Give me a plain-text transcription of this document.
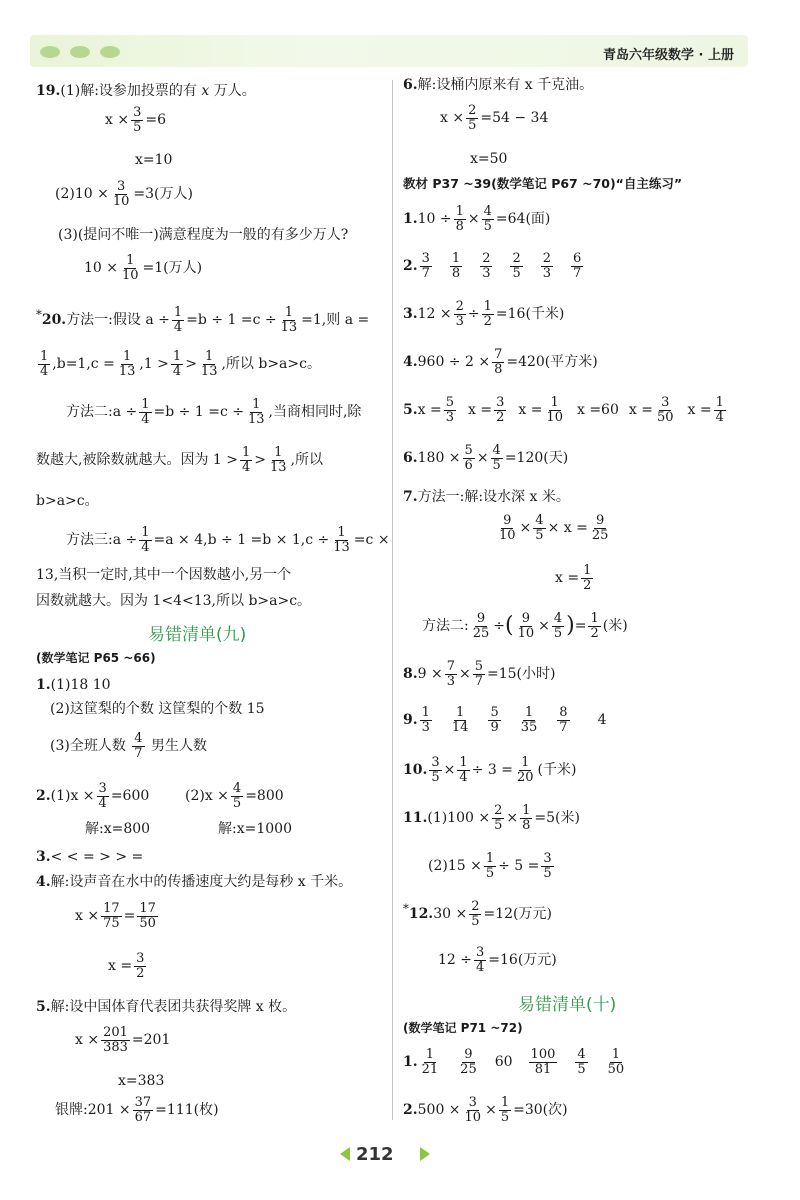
青岛六年级数学 · 上册
19.(1)解:设参加投票的有 x 万人。
$x \times \frac{3}{5} =6$
x=10
$(2)10 \times \frac{3}{10} =3$(万人)
(3)(提问不唯一)满意程度为一般的有多少万人?
$10 \times \frac{1}{10} =1$(万人)
*20.方法一:假设 $a \div \frac{1}{4} =b \div 1 =c \div \frac{1}{13} =1$,则 a =
$\frac{1}{4} ,b=1,c = \frac{1}{13} ,1 > \frac{1}{4} > \frac{1}{13}$ ,所以 b>a>c。
方法二:a ÷ $\frac{1}{4} =b \div 1 =c \div \frac{1}{13}$ ,当商相同时,除
数越大,被除数就越大。因为 $1 > \frac{1}{4} > \frac{1}{13}$ ,所以
b>a>c。
方法三:a ÷ $\frac{1}{4} =a \times 4,b \div 1 =b \times 1,c \div \frac{1}{13} =c$ ×
13,当积一定时,其中一个因数越小,另一个
因数就越大。因为 1<4<13,所以 b>a>c。
易错清单(九)
(数学笔记 P65 ~66)
1.(1)18 10
(2)这筐梨的个数 这筐梨的个数 15
(3)全班人数 $\frac{4}{7}$ 男生人数
$2.(1)x \times \frac{3}{4} =600$	$(2)x \times \frac{4}{5} =800$
解:x=800	解:x=1000
3.< < = > > =
4.解:设声音在水中的传播速度大约是每秒 x 千米。
$x \times \frac{17}{75} = \frac{17}{50}$
$x = \frac{3}{2}$
5.解:设中国体育代表团共获得奖牌 x 枚。
$x \times \frac{201}{383} =201$
x=383
银牌:201 × $\frac{37}{67} =111$(枚)
6.解:设桶内原来有 x 千克油。
$x \times \frac{2}{5} =54 - 34$
x=50
教材 P37 ~39(数学笔记 P67 ~70)“自主练习”
$1.10 \div \frac{1}{8} \times \frac{4}{5} =64$(面)
2. $\frac{3}{7} \frac{1}{8} \frac{2}{3} \frac{2}{5} \frac{2}{3} \frac{6}{7}$
$3.12 \times \frac{2}{3} \div \frac{1}{2} =16$(千米)
$4.960 \div 2 \times \frac{7}{8} =420$(平方米)
$5.x = \frac{5}{3}$ $x = \frac{3}{2}$ $x = \frac{1}{10}$ x =60 $x = \frac{3}{50}$ $x = \frac{1}{4}$
$6.180 \times \frac{5}{6} \times \frac{4}{5} =120$(天)
7.方法一:解:设水深 x 米。
$\frac{9}{10} \times \frac{4}{5} \times x = \frac{9}{25}$
$x = \frac{1}{2}$
方法二: $\frac{9}{25}$ ÷( $\frac{9}{10} \times \frac{4}{5}$ )= $\frac{1}{2}$ (米)
$8.9 \times \frac{7}{3} \times \frac{5}{7} =15$(小时)
9. $\frac{1}{3} \frac{1}{14} \frac{5}{9} \frac{1}{35} \frac{8}{7} 4$
10. $\frac{3}{5} \times \frac{1}{4} \div 3 = \frac{1}{20}$ (千米)
$11.(1)100 \times \frac{2}{5} \times \frac{1}{8} =5$(米)
$(2)15 \times \frac{1}{5} \div 5 = \frac{3}{5}$
$^*12.30 \times \frac{2}{5} =12$(万元)
$12 \div \frac{3}{4} =16$(万元)
易错清单(十)
(数学笔记 P71 ~72)
1. $\frac{1}{21} \frac{9}{25} 60 \frac{100}{81} \frac{4}{5} \frac{1}{50}$
$2.500 \times \frac{3}{10} \times \frac{1}{5} =30$(次)
212
